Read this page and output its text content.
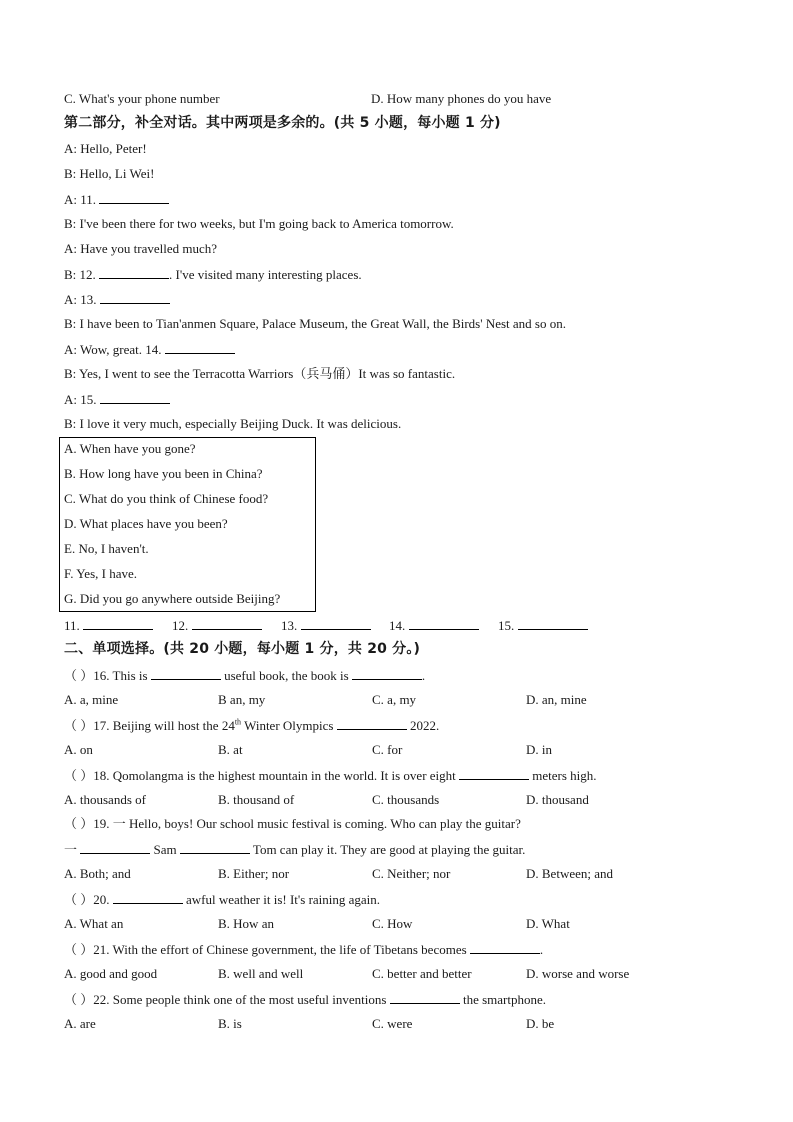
C. What's your phone number	D. How many phones do you have
第二部分，补全对话。其中两项是多余的。(共 5 小题，每小题 1 分)
A: Hello, Peter!
B: Hello, Li Wei!
A: 11.
B: I've been there for two weeks, but I'm going back to America tomorrow.
A: Have you travelled much?
B: 12.	. I've visited many interesting places.
A: 13.
B: I have been to Tian'anmen Square, Palace Museum, the Great Wall, the Birds' Nest and so on.
A: Wow, great. 14.
B: Yes, I went to see the Terracotta Warriors（兵马俑）It was so fantastic.
A: 15.
B: I love it very much, especially Beijing Duck. It was delicious.
A. When have you gone?
B. How long have you been in China?
C. What do you think of Chinese food?
D. What places have you been?
E. No, I haven't.
F. Yes, I have.
G. Did you go anywhere outside Beijing?
11.	12.	13.	14.	15.
二、单项选择。(共 20 小题，每小题 1 分，共 20 分。)
（ ）16. This is	useful book, the book is	.
A. a, mine	B an, my	C. a, my	D. an, mine
（ ）17. Beijing will host the 24th Winter Olympics	2022.
A. on	B. at	C. for	D. in
（ ）18. Qomolangma is the highest mountain in the world. It is over eight	meters high.
A. thousands of	B. thousand of	C. thousands	D. thousand
（ ）19. 一 Hello, boys! Our school music festival is coming. Who can play the guitar?
一	Sam	Tom can play it. They are good at playing the guitar.
A. Both; and	B. Either; nor	C. Neither; nor	D. Between; and
（ ）20.	awful weather it is! It's raining again.
A. What an	B. How an	C. How	D. What
（ ）21. With the effort of Chinese government, the life of Tibetans becomes	.
A. good and good	B. well and well	C. better and better	D. worse and worse
（ ）22. Some people think one of the most useful inventions	the smartphone.
A. are	B. is	C. were	D. be
